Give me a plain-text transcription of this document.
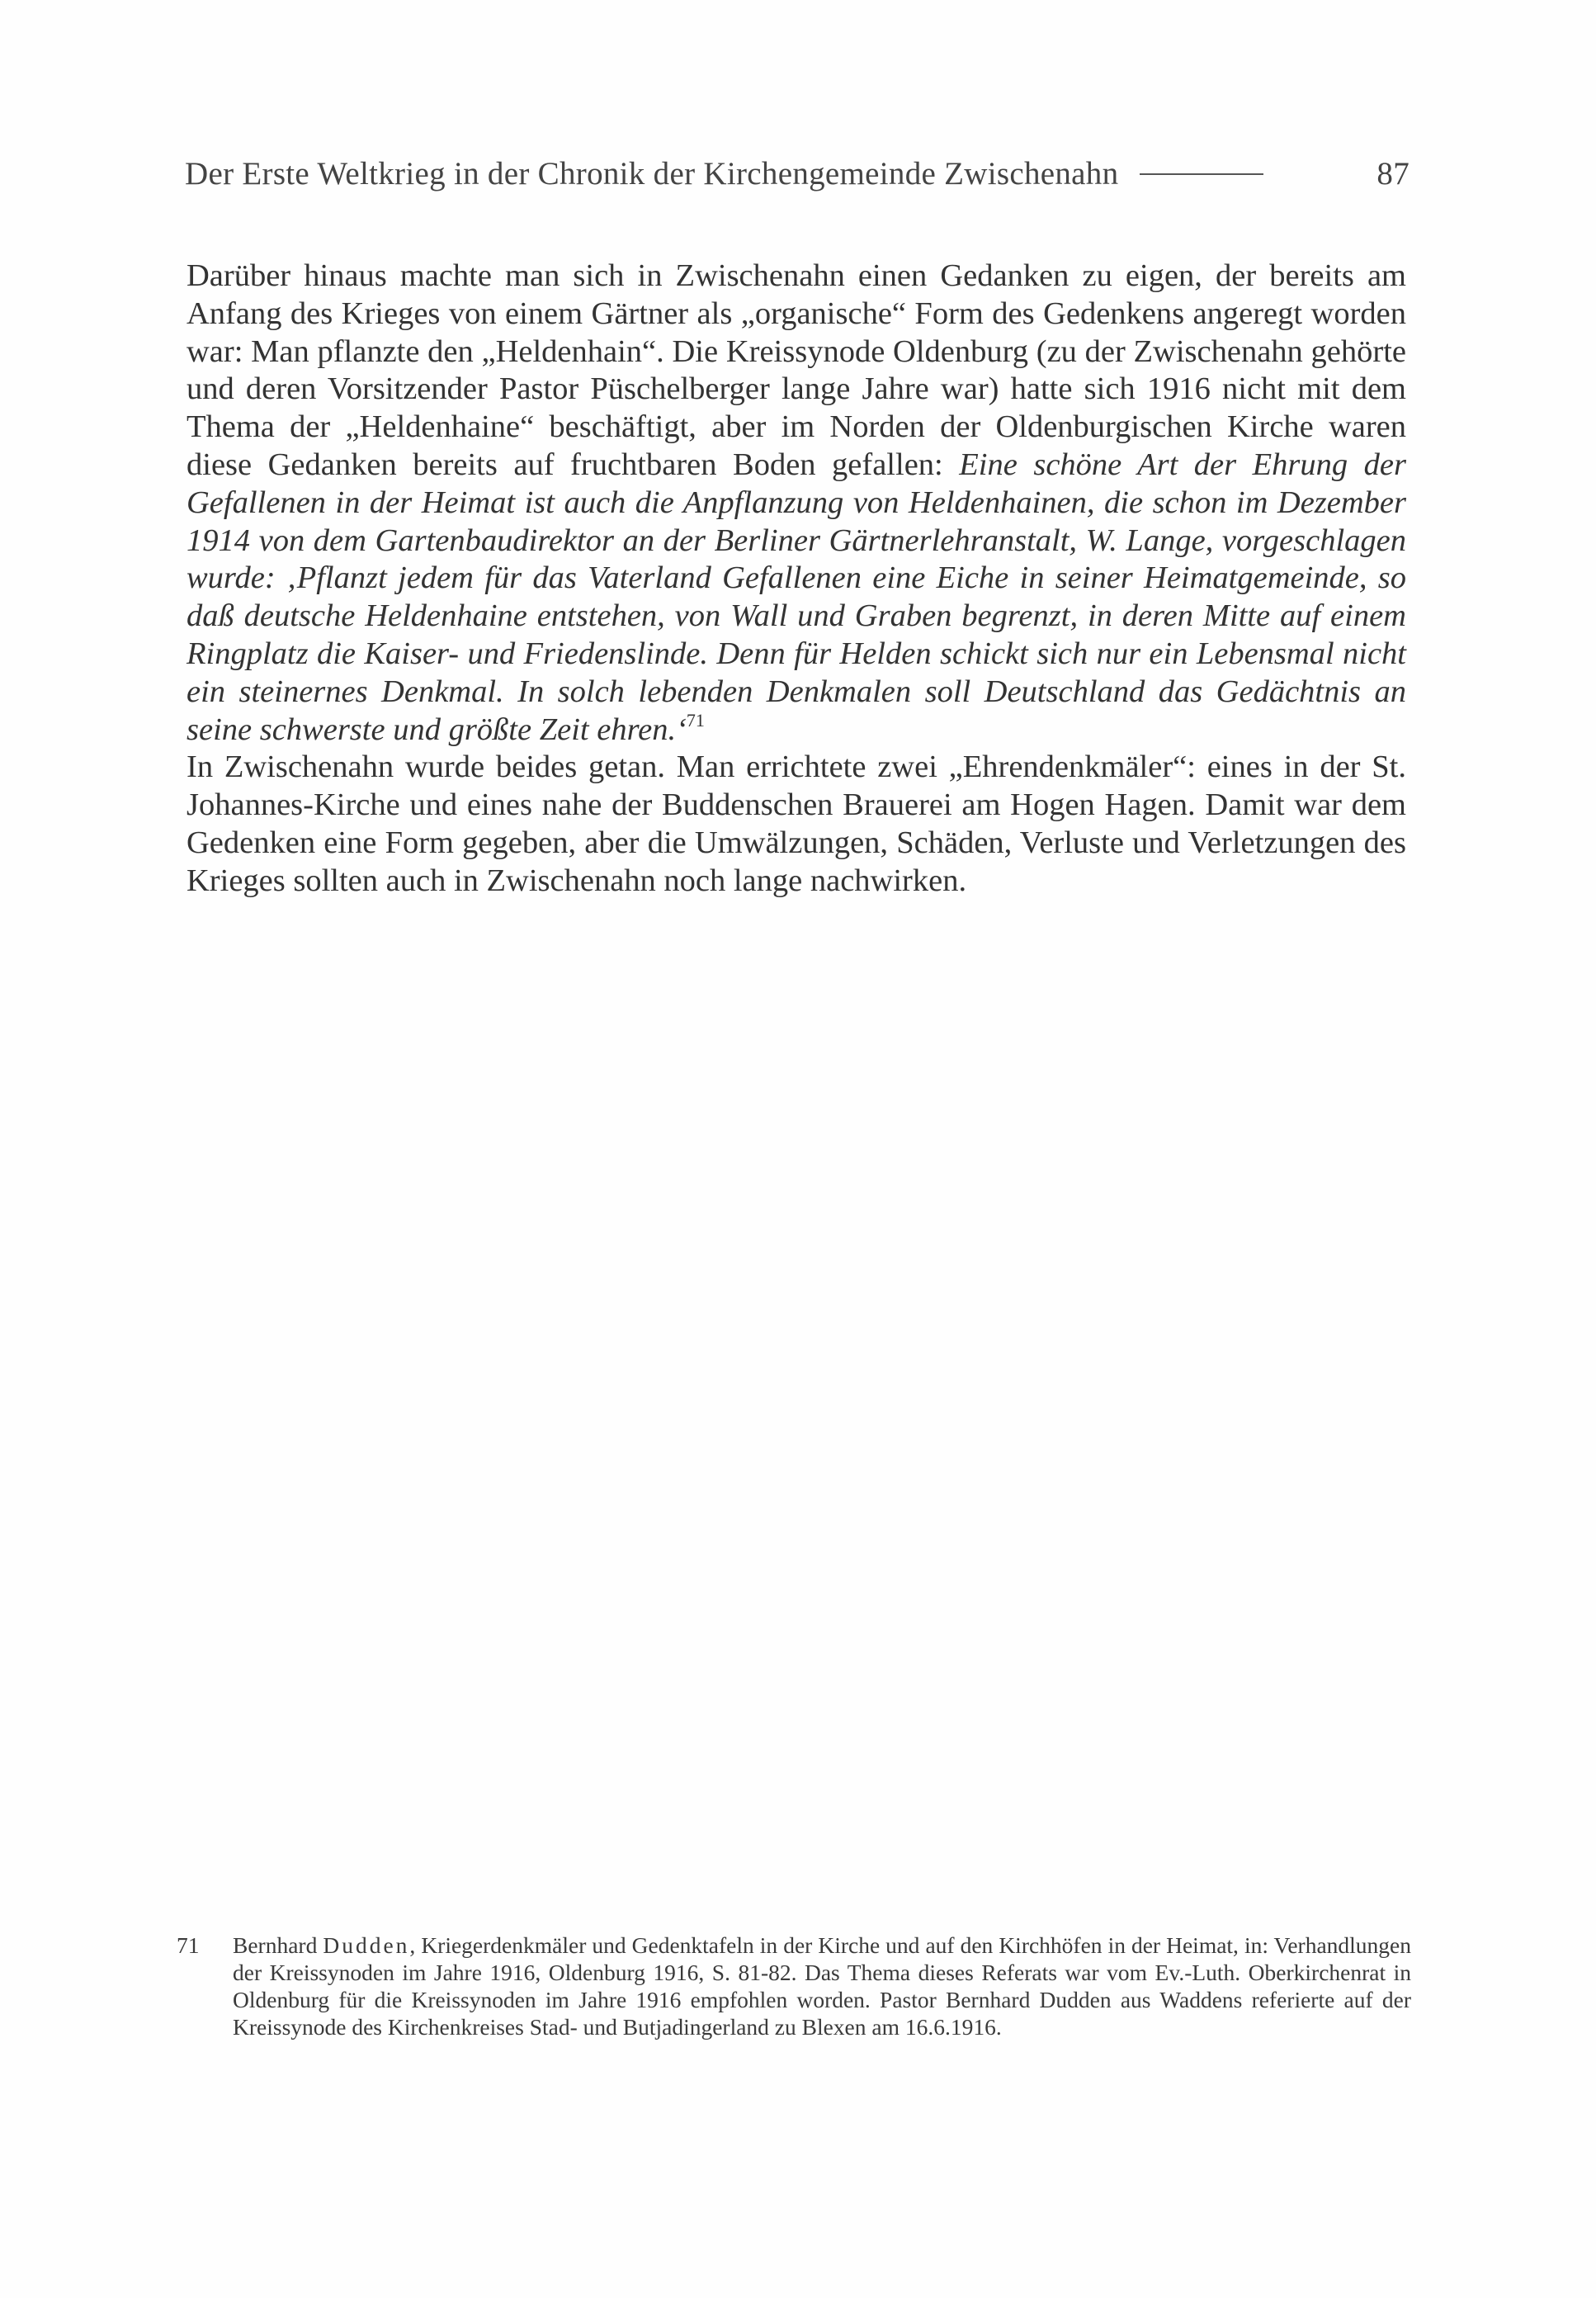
Der Erste Weltkrieg in der Chronik der Kirchengemeinde Zwischenahn	87

Darüber hinaus machte man sich in Zwischenahn einen Gedanken zu eigen, der bereits am Anfang des Krieges von einem Gärtner als „organische“ Form des Gedenkens angeregt worden war: Man pflanzte den „Heldenhain“. Die Kreissynode Oldenburg (zu der Zwischenahn gehörte und deren Vorsitzender Pastor Püschelberger lange Jahre war) hatte sich 1916 nicht mit dem Thema der „Heldenhaine“ beschäftigt, aber im Norden der Oldenburgischen Kirche waren diese Gedanken bereits auf fruchtbaren Boden gefallen: Eine schöne Art der Ehrung der Gefallenen in der Heimat ist auch die Anpflanzung von Heldenhainen, die schon im Dezember 1914 von dem Gartenbaudirektor an der Berliner Gärtnerlehranstalt, W. Lange, vorgeschlagen wurde: ‚Pflanzt jedem für das Vaterland Gefallenen eine Eiche in seiner Heimatgemeinde, so daß deutsche Heldenhaine entstehen, von Wall und Graben begrenzt, in deren Mitte auf einem Ringplatz die Kaiser- und Friedenslinde. Denn für Helden schickt sich nur ein Lebensmal nicht ein steinernes Denkmal. In solch lebenden Denkmalen soll Deutschland das Gedächtnis an seine schwerste und größte Zeit ehren.‘$^{71}$

In Zwischenahn wurde beides getan. Man errichtete zwei „Ehrendenkmäler“: eines in der St. Johannes-Kirche und eines nahe der Buddenschen Brauerei am Hogen Hagen. Damit war dem Gedenken eine Form gegeben, aber die Umwälzungen, Schäden, Verluste und Verletzungen des Krieges sollten auch in Zwischenahn noch lange nachwirken.

71	Bernhard Dudden, Kriegerdenkmäler und Gedenktafeln in der Kirche und auf den Kirchhöfen in der Heimat, in: Verhandlungen der Kreissynoden im Jahre 1916, Oldenburg 1916, S. 81-82. Das Thema dieses Referats war vom Ev.-Luth. Oberkirchenrat in Oldenburg für die Kreissynoden im Jahre 1916 empfohlen worden. Pastor Bernhard Dudden aus Waddens referierte auf der Kreissynode des Kirchenkreises Stad- und Butjadingerland zu Blexen am 16.6.1916.
